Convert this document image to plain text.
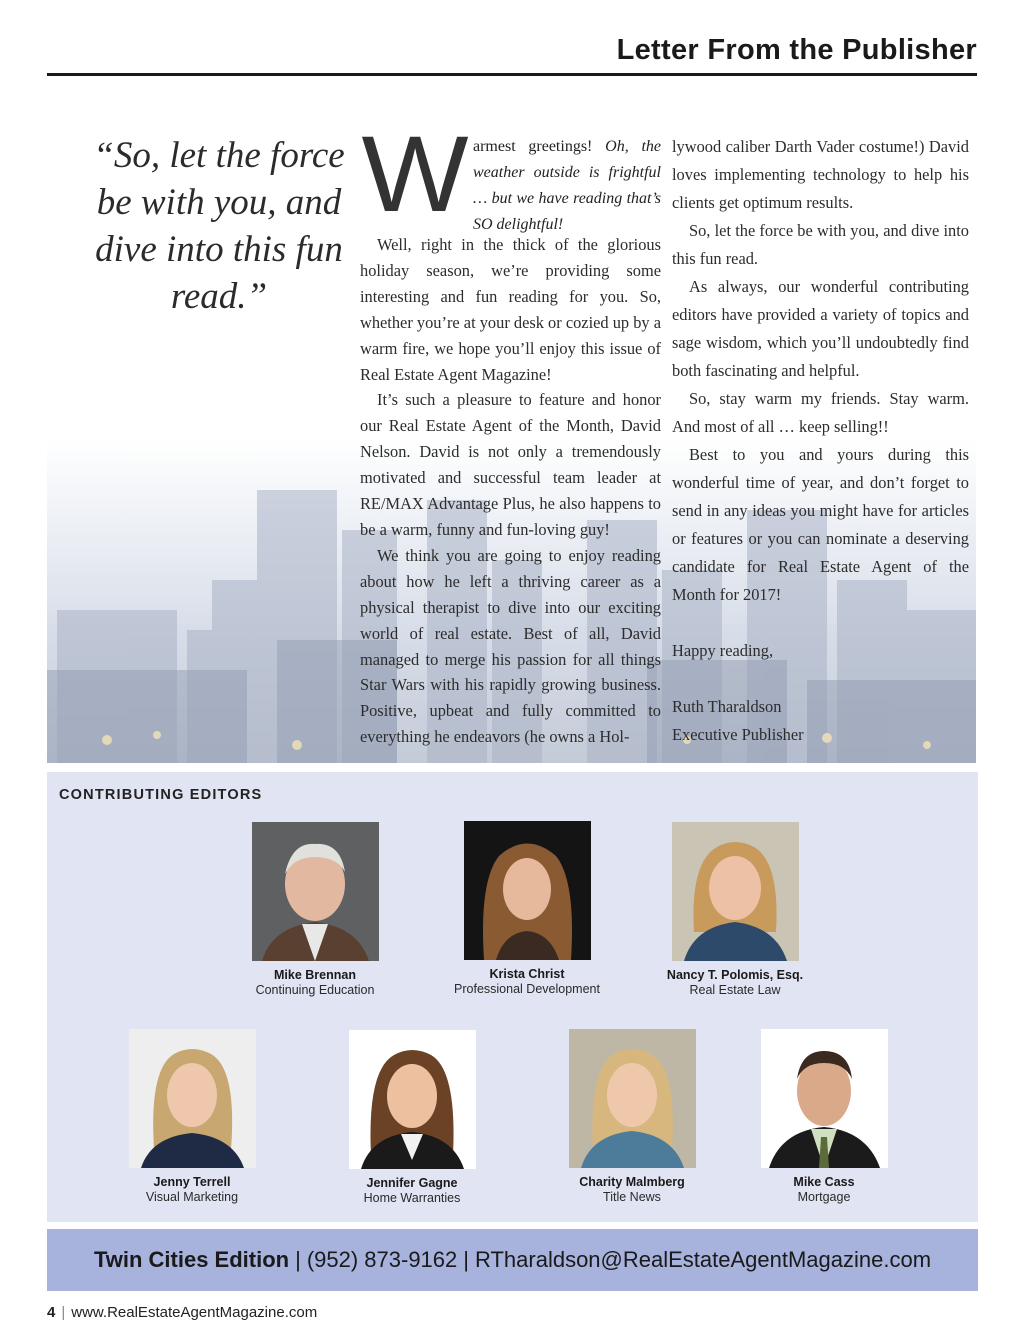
Letter From the Publisher
“So, let the force be with you, and dive into this fun read.”
W armest greetings! Oh, the weather outside is frightful … but we have reading that’s SO delightful!

Well, right in the thick of the glorious holiday season, we’re providing some interesting and fun reading for you. So, whether you’re at your desk or cozied up by a warm fire, we hope you’ll enjoy this issue of Real Estate Agent Magazine!

It’s such a pleasure to feature and honor our Real Estate Agent of the Month, David Nelson. David is not only a tremendously motivated and successful team leader at RE/MAX Advantage Plus, he also happens to be a warm, funny and fun-loving guy!

We think you are going to enjoy reading about how he left a thriving career as a physical therapist to dive into our exciting world of real estate. Best of all, David managed to merge his passion for all things Star Wars with his rapidly growing business. Positive, upbeat and fully committed to everything he endeavors (he owns a Hol-

lywood caliber Darth Vader costume!) David loves implementing technology to help his clients get optimum results.

So, let the force be with you, and dive into this fun read.

As always, our wonderful contributing editors have provided a variety of topics and sage wisdom, which you’ll undoubtedly find both fascinating and helpful.

So, stay warm my friends. Stay warm. And most of all … keep selling!!

Best to you and yours during this wonderful time of year, and don’t forget to send in any ideas you might have for articles or features or you can nominate a deserving candidate for Real Estate Agent of the Month for 2017!

Happy reading,

Ruth Tharaldson

Executive Publisher

CONTRIBUTING EDITORS
Mike Brennan
Continuing Education
Krista Christ
Professional Development
Nancy T. Polomis, Esq.
Real Estate Law
Jenny Terrell
Visual Marketing
Jennifer Gagne
Home Warranties
Charity Malmberg
Title News
Mike Cass
Mortgage
Twin Cities Edition | (952) 873-9162 | RTharaldson@RealEstateAgentMagazine.com
4 | www.RealEstateAgentMagazine.com
